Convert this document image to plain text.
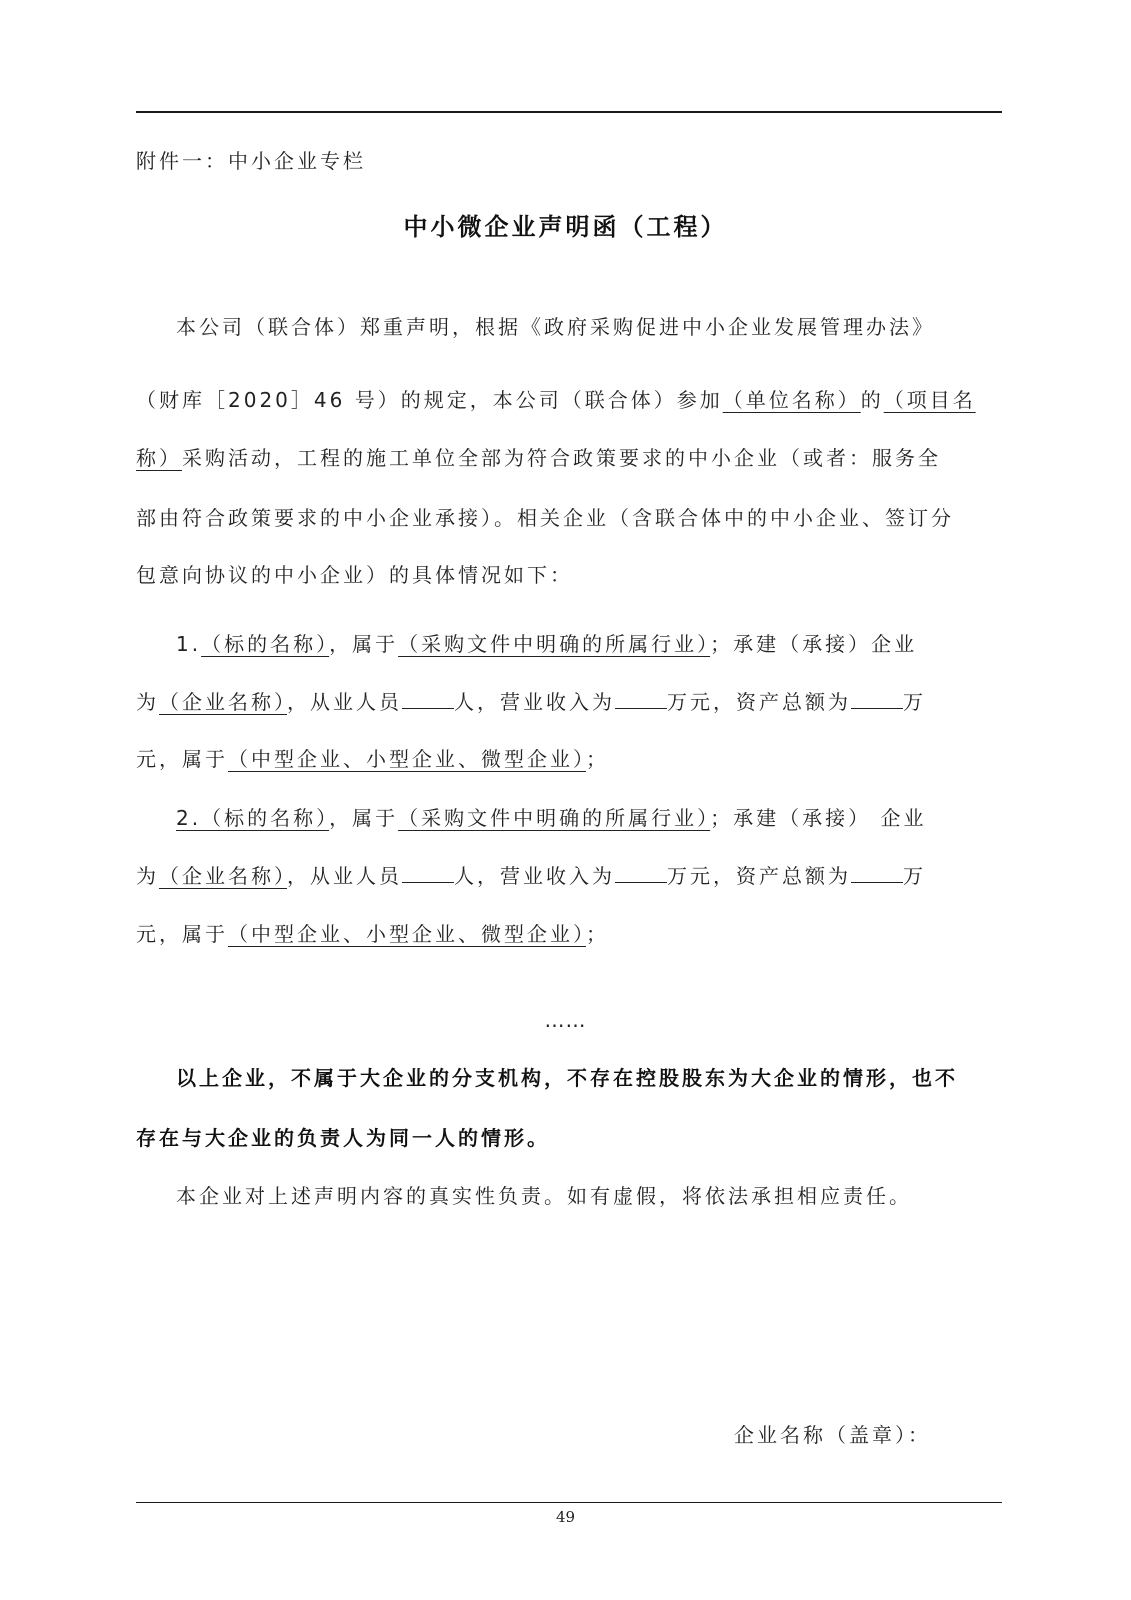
附件一：中小企业专栏
中小微企业声明函（工程）
本公司（联合体）郑重声明，根据《政府采购促进中小企业发展管理办法》
（财库［2020］46 号）的规定，本公司（联合体）参加（单位名称）的（项目名
称）采购活动，工程的施工单位全部为符合政策要求的中小企业（或者：服务全
部由符合政策要求的中小企业承接）。相关企业（含联合体中的中小企业、签订分
包意向协议的中小企业）的具体情况如下：
1.（标的名称），属于（采购文件中明确的所属行业）；承建（承接）企业
为（企业名称），从业人员	人，营业收入为	万元，资产总额为	万
元，属于（中型企业、小型企业、微型企业）；
2.（标的名称），属于（采购文件中明确的所属行业）；承建（承接） 企业
为（企业名称），从业人员	人，营业收入为	万元，资产总额为	万
元，属于（中型企业、小型企业、微型企业）；
……
以上企业，不属于大企业的分支机构，不存在控股股东为大企业的情形，也不
存在与大企业的负责人为同一人的情形。
本企业对上述声明内容的真实性负责。如有虚假，将依法承担相应责任。
企业名称（盖章）：
49
